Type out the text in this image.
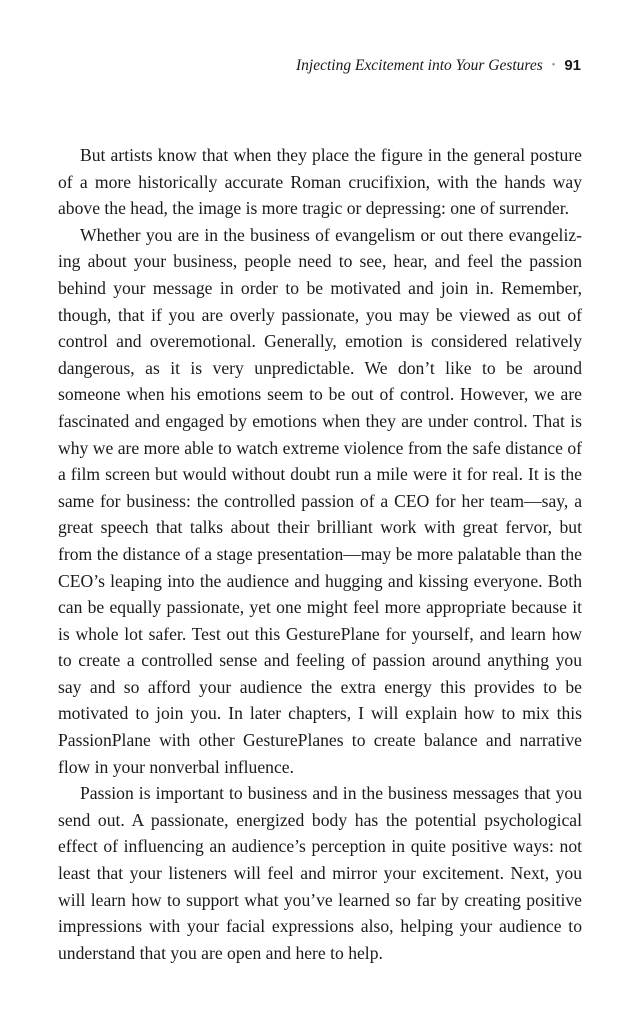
Injecting Excitement into Your Gestures • 91

But artists know that when they place the figure in the general posture of a more historically accurate Roman crucifixion, with the hands way above the head, the image is more tragic or depressing: one of surrender.

Whether you are in the business of evangelism or out there evangelizing about your business, people need to see, hear, and feel the passion behind your message in order to be motivated and join in. Remember, though, that if you are overly passionate, you may be viewed as out of control and overemotional. Generally, emotion is considered relatively dangerous, as it is very unpredictable. We don’t like to be around someone when his emotions seem to be out of control. However, we are fascinated and engaged by emotions when they are under control. That is why we are more able to watch extreme violence from the safe distance of a film screen but would without doubt run a mile were it for real. It is the same for business: the controlled passion of a CEO for her team—say, a great speech that talks about their brilliant work with great fervor, but from the distance of a stage presentation—may be more palatable than the CEO’s leaping into the audience and hugging and kissing everyone. Both can be equally passionate, yet one might feel more appropriate because it is whole lot safer. Test out this GesturePlane for yourself, and learn how to create a controlled sense and feeling of passion around anything you say and so afford your audience the extra energy this provides to be motivated to join you. In later chapters, I will explain how to mix this PassionPlane with other GesturePlanes to create balance and narrative flow in your nonverbal influence.

Passion is important to business and in the business messages that you send out. A passionate, energized body has the potential psychological effect of influencing an audience’s perception in quite positive ways: not least that your listeners will feel and mirror your excitement. Next, you will learn how to support what you’ve learned so far by creating positive impressions with your facial expressions also, helping your audience to understand that you are open and here to help.
